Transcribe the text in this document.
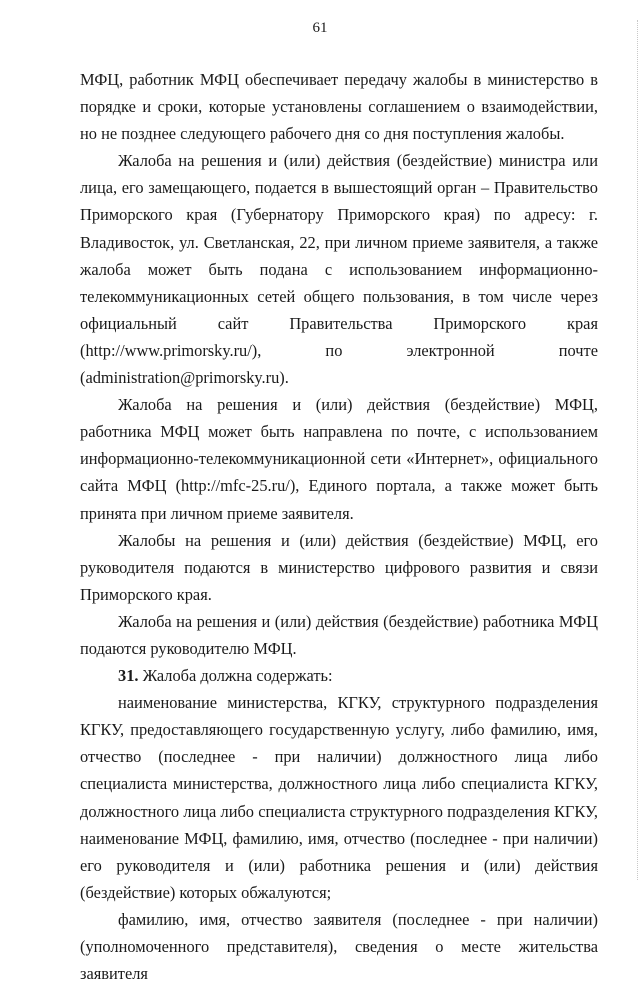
61

МФЦ, работник МФЦ обеспечивает передачу жалобы в министерство в порядке и сроки, которые установлены соглашением о взаимодействии, но не позднее следующего рабочего дня со дня поступления жалобы.

Жалоба на решения и (или) действия (бездействие) министра или лица, его замещающего, подается в вышестоящий орган – Правительство Приморского края (Губернатору Приморского края) по адресу: г. Владивосток, ул. Светланская, 22, при личном приеме заявителя, а также жалоба может быть подана с использованием информационно-телекоммуникационных сетей общего пользования, в том числе через официальный сайт Правительства Приморского края (http://www.primorsky.ru/), по электронной почте (administration@primorsky.ru).

Жалоба на решения и (или) действия (бездействие) МФЦ, работника МФЦ может быть направлена по почте, с использованием информационно-телекоммуникационной сети «Интернет», официального сайта МФЦ (http://mfc-25.ru/), Единого портала, а также может быть принята при личном приеме заявителя.

Жалобы на решения и (или) действия (бездействие) МФЦ, его руководителя подаются в министерство цифрового развития и связи Приморского края.

Жалоба на решения и (или) действия (бездействие) работника МФЦ подаются руководителю МФЦ.

31. Жалоба должна содержать:

наименование министерства, КГКУ, структурного подразделения КГКУ, предоставляющего государственную услугу, либо фамилию, имя, отчество (последнее - при наличии) должностного лица либо специалиста министерства, должностного лица либо специалиста КГКУ, должностного лица либо специалиста структурного подразделения КГКУ, наименование МФЦ, фамилию, имя, отчество (последнее - при наличии) его руководителя и (или) работника решения и (или) действия (бездействие) которых обжалуются;

фамилию, имя, отчество заявителя (последнее - при наличии) (уполномоченного представителя), сведения о месте жительства заявителя
